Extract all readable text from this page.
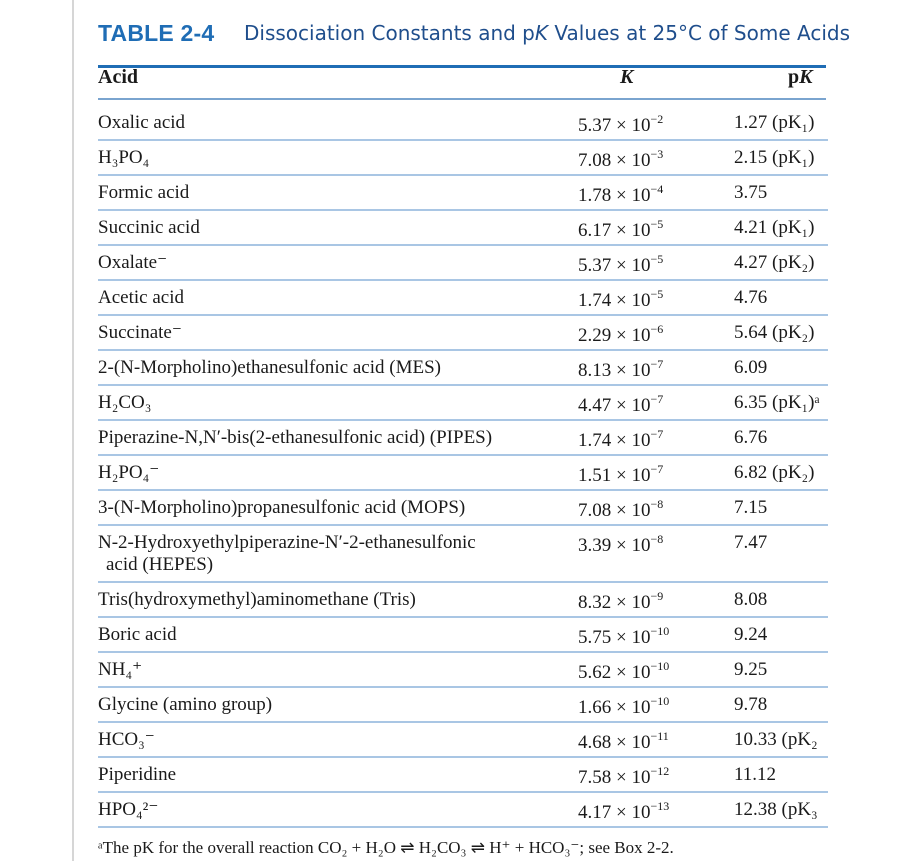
TABLE 2-4 Dissociation Constants and pK Values at 25°C of Some Acids
Acid	K	pK
Oxalic acid	$5.37 \times 10^{-2}$	1.27 (pK₁)
H₃PO₄	$7.08 \times 10^{-3}$	2.15 (pK₁)
Formic acid	$1.78 \times 10^{-4}$	3.75
Succinic acid	$6.17 \times 10^{-5}$	4.21 (pK₁)
Oxalate⁻	$5.37 \times 10^{-5}$	4.27 (pK₂)
Acetic acid	$1.74 \times 10^{-5}$	4.76
Succinate⁻	$2.29 \times 10^{-6}$	5.64 (pK₂)
2-(N-Morpholino)ethanesulfonic acid (MES)	$8.13 \times 10^{-7}$	6.09
H₂CO₃	$4.47 \times 10^{-7}$	6.35 (pK₁)ᵃ
Piperazine-N,N′-bis(2-ethanesulfonic acid) (PIPES)	$1.74 \times 10^{-7}$	6.76
H₂PO₄⁻	$1.51 \times 10^{-7}$	6.82 (pK₂)
3-(N-Morpholino)propanesulfonic acid (MOPS)	$7.08 \times 10^{-8}$	7.15
N-2-Hydroxyethylpiperazine-N′-2-ethanesulfonic
acid (HEPES)
$3.39 \times 10^{-8}$	7.47
Tris(hydroxymethyl)aminomethane (Tris)	$8.32 \times 10^{-9}$	8.08
Boric acid	$5.75 \times 10^{-10}$	9.24
NH₄⁺	$5.62 \times 10^{-10}$	9.25
Glycine (amino group)	$1.66 \times 10^{-10}$	9.78
HCO₃⁻	$4.68 \times 10^{-11}$	10.33 (pK₂
Piperidine	$7.58 \times 10^{-12}$	11.12
HPO₄²⁻	$4.17 \times 10^{-13}$	12.38 (pK₃
ᵃThe pK for the overall reaction CO₂ + H₂O ⇌ H₂CO₃ ⇌ H⁺ + HCO₃⁻; see Box 2-2.
